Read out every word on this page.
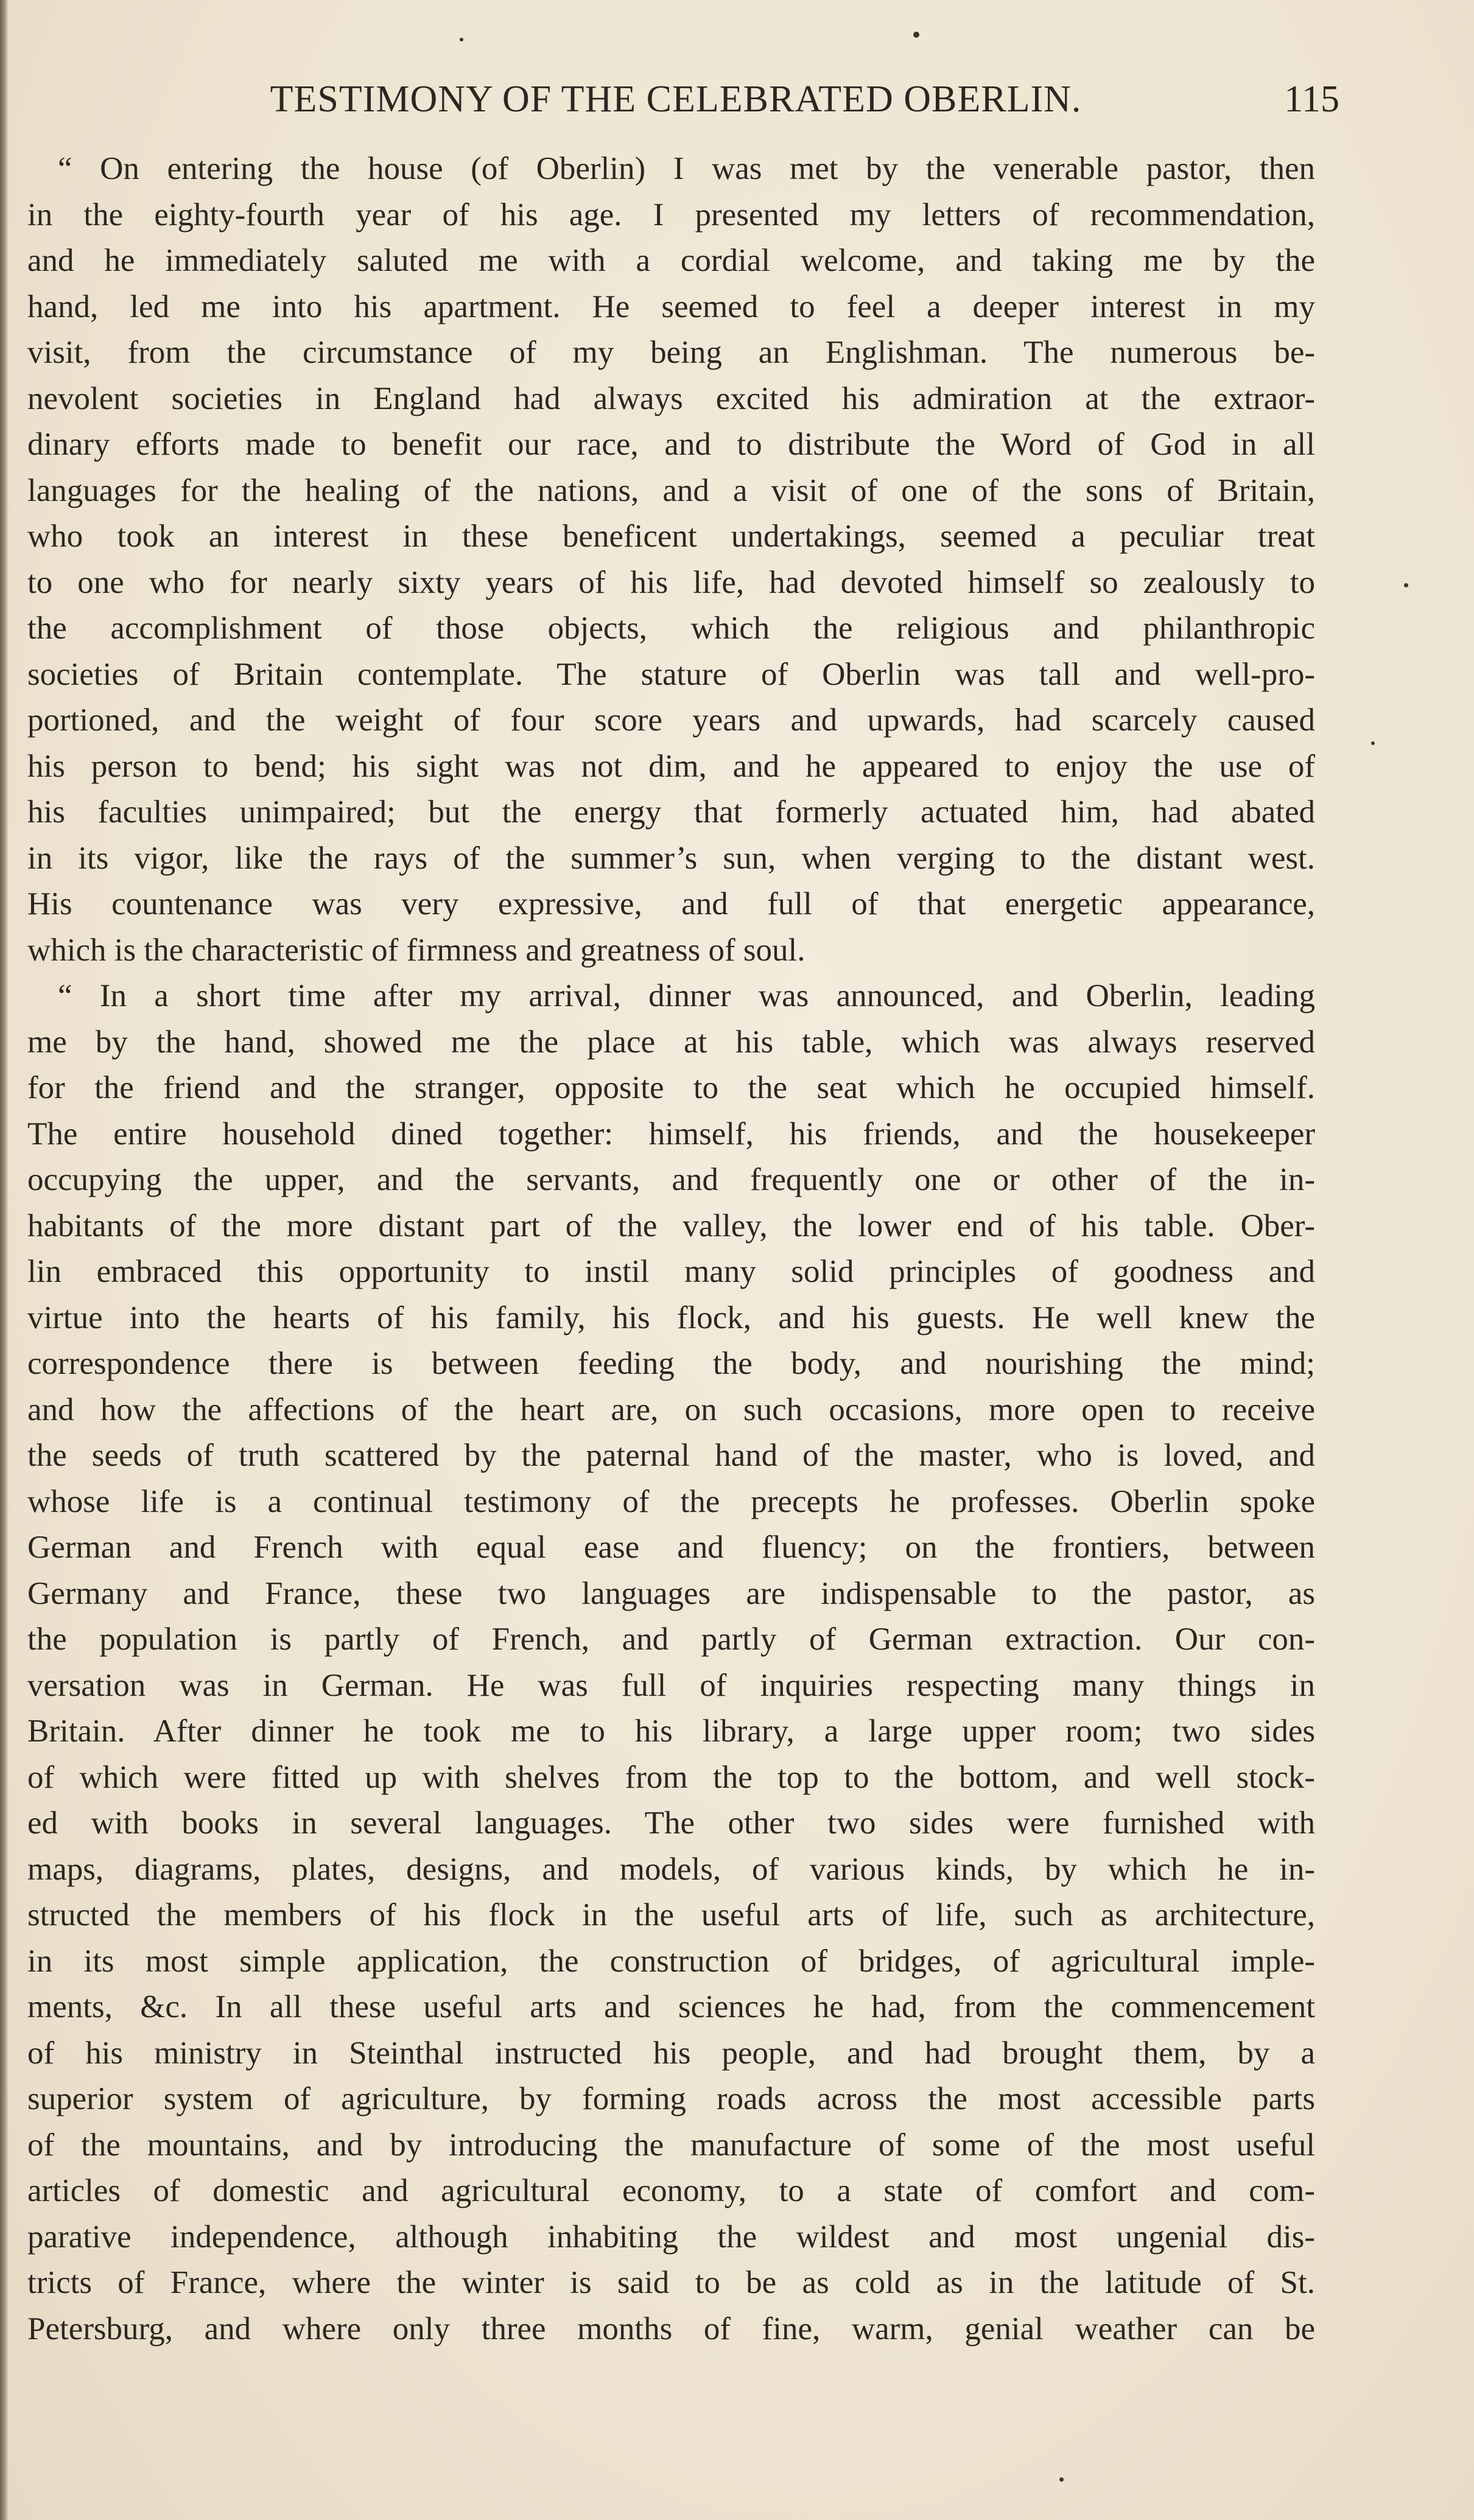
TESTIMONY OF THE CELEBRATED OBERLIN.	115
“ On entering the house (of Oberlin) I was met by the venerable pastor, then
in the eighty-fourth year of his age. I presented my letters of recommendation,
and he immediately saluted me with a cordial welcome, and taking me by the
hand, led me into his apartment. He seemed to feel a deeper interest in my
visit, from the circumstance of my being an Englishman. The numerous be-
nevolent societies in England had always excited his admiration at the extraor-
dinary efforts made to benefit our race, and to distribute the Word of God in all
languages for the healing of the nations, and a visit of one of the sons of Britain,
who took an interest in these beneficent undertakings, seemed a peculiar treat
to one who for nearly sixty years of his life, had devoted himself so zealously to
the accomplishment of those objects, which the religious and philanthropic
societies of Britain contemplate. The stature of Oberlin was tall and well-pro-
portioned, and the weight of four score years and upwards, had scarcely caused
his person to bend; his sight was not dim, and he appeared to enjoy the use of
his faculties unimpaired; but the energy that formerly actuated him, had abated
in its vigor, like the rays of the summer’s sun, when verging to the distant west.
His countenance was very expressive, and full of that energetic appearance,
which is the characteristic of firmness and greatness of soul.
“ In a short time after my arrival, dinner was announced, and Oberlin, leading
me by the hand, showed me the place at his table, which was always reserved
for the friend and the stranger, opposite to the seat which he occupied himself.
The entire household dined together: himself, his friends, and the housekeeper
occupying the upper, and the servants, and frequently one or other of the in-
habitants of the more distant part of the valley, the lower end of his table. Ober-
lin embraced this opportunity to instil many solid principles of goodness and
virtue into the hearts of his family, his flock, and his guests. He well knew the
correspondence there is between feeding the body, and nourishing the mind;
and how the affections of the heart are, on such occasions, more open to receive
the seeds of truth scattered by the paternal hand of the master, who is loved, and
whose life is a continual testimony of the precepts he professes. Oberlin spoke
German and French with equal ease and fluency; on the frontiers, between
Germany and France, these two languages are indispensable to the pastor, as
the population is partly of French, and partly of German extraction. Our con-
versation was in German. He was full of inquiries respecting many things in
Britain. After dinner he took me to his library, a large upper room; two sides
of which were fitted up with shelves from the top to the bottom, and well stock-
ed with books in several languages. The other two sides were furnished with
maps, diagrams, plates, designs, and models, of various kinds, by which he in-
structed the members of his flock in the useful arts of life, such as architecture,
in its most simple application, the construction of bridges, of agricultural imple-
ments, &c. In all these useful arts and sciences he had, from the commencement
of his ministry in Steinthal instructed his people, and had brought them, by a
superior system of agriculture, by forming roads across the most accessible parts
of the mountains, and by introducing the manufacture of some of the most useful
articles of domestic and agricultural economy, to a state of comfort and com-
parative independence, although inhabiting the wildest and most ungenial dis-
tricts of France, where the winter is said to be as cold as in the latitude of St.
Petersburg, and where only three months of fine, warm, genial weather can be
